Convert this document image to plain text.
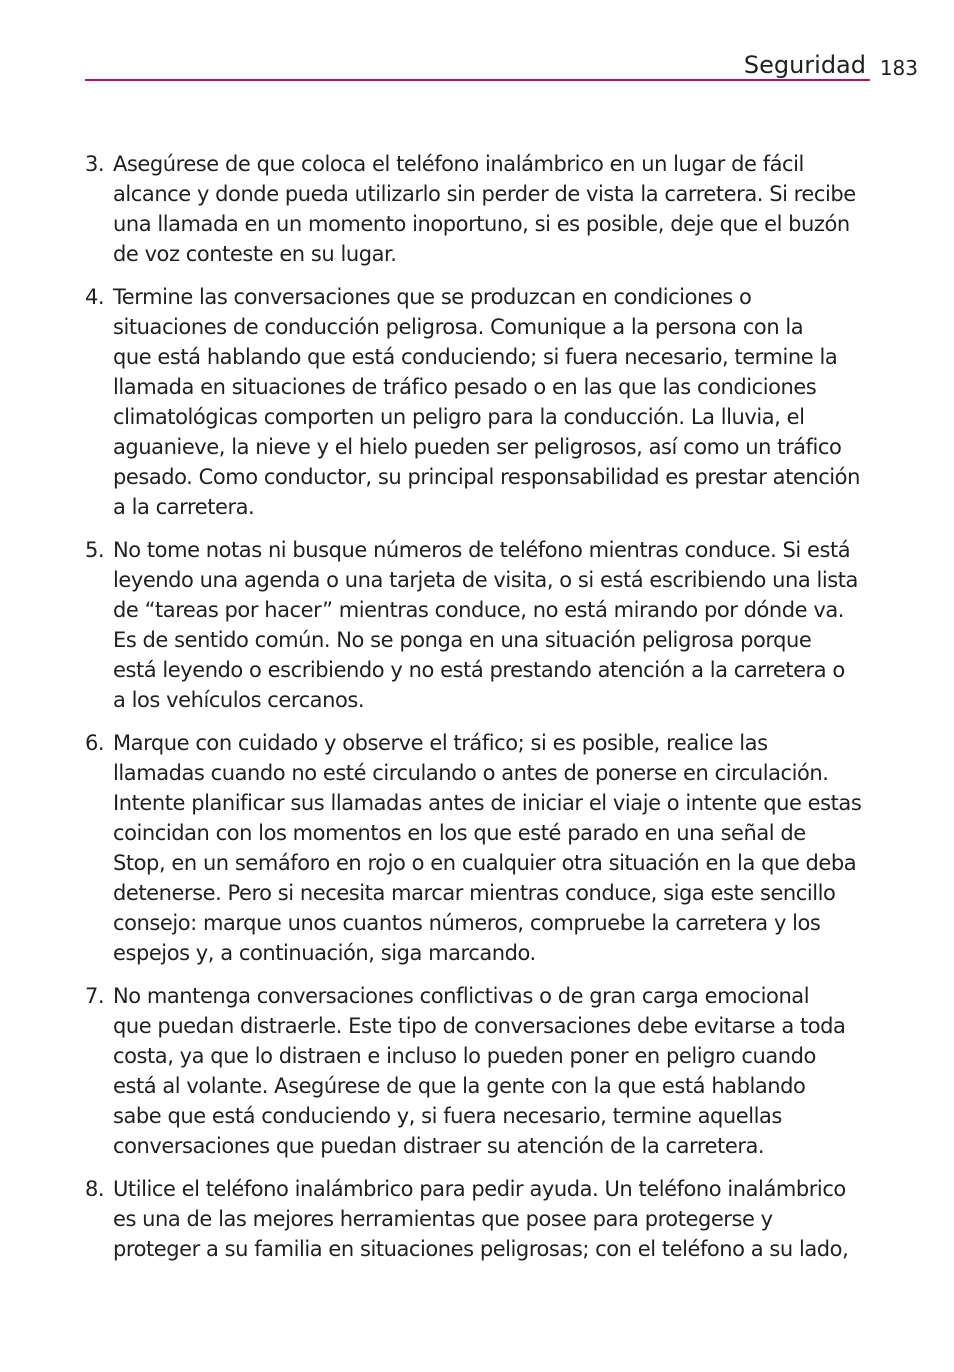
Seguridad 183
3. Asegúrese de que coloca el teléfono inalámbrico en un lugar de fácil
alcance y donde pueda utilizarlo sin perder de vista la carretera. Si recibe
una llamada en un momento inoportuno, si es posible, deje que el buzón
de voz conteste en su lugar.
4. Termine las conversaciones que se produzcan en condiciones o
situaciones de conducción peligrosa. Comunique a la persona con la
que está hablando que está conduciendo; si fuera necesario, termine la
llamada en situaciones de tráfico pesado o en las que las condiciones
climatológicas comporten un peligro para la conducción. La lluvia, el
aguanieve, la nieve y el hielo pueden ser peligrosos, así como un tráfico
pesado. Como conductor, su principal responsabilidad es prestar atención
a la carretera.
5. No tome notas ni busque números de teléfono mientras conduce. Si está
leyendo una agenda o una tarjeta de visita, o si está escribiendo una lista
de “tareas por hacer” mientras conduce, no está mirando por dónde va.
Es de sentido común. No se ponga en una situación peligrosa porque
está leyendo o escribiendo y no está prestando atención a la carretera o
a los vehículos cercanos.
6. Marque con cuidado y observe el tráfico; si es posible, realice las
llamadas cuando no esté circulando o antes de ponerse en circulación.
Intente planificar sus llamadas antes de iniciar el viaje o intente que estas
coincidan con los momentos en los que esté parado en una señal de
Stop, en un semáforo en rojo o en cualquier otra situación en la que deba
detenerse. Pero si necesita marcar mientras conduce, siga este sencillo
consejo: marque unos cuantos números, compruebe la carretera y los
espejos y, a continuación, siga marcando.
7. No mantenga conversaciones conflictivas o de gran carga emocional
que puedan distraerle. Este tipo de conversaciones debe evitarse a toda
costa, ya que lo distraen e incluso lo pueden poner en peligro cuando
está al volante. Asegúrese de que la gente con la que está hablando
sabe que está conduciendo y, si fuera necesario, termine aquellas
conversaciones que puedan distraer su atención de la carretera.
8. Utilice el teléfono inalámbrico para pedir ayuda. Un teléfono inalámbrico
es una de las mejores herramientas que posee para protegerse y
proteger a su familia en situaciones peligrosas; con el teléfono a su lado,
